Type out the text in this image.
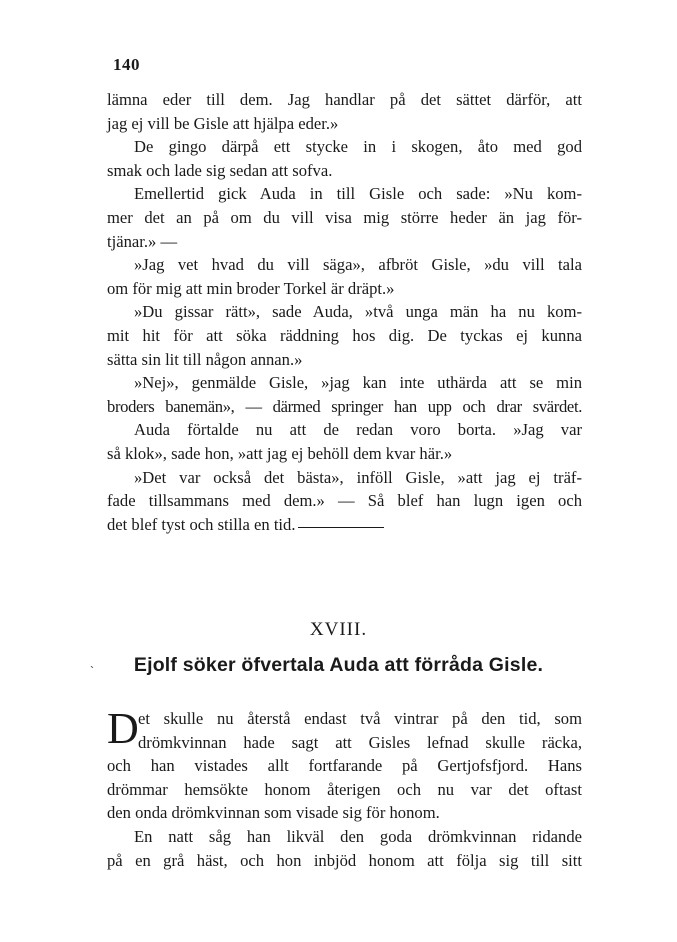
140

lämna eder till dem. Jag handlar på det sättet därför, att
jag ej vill be Gisle att hjälpa eder.»

De gingo därpå ett stycke in i skogen, åto med god
smak och lade sig sedan att sofva.

Emellertid gick Auda in till Gisle och sade: »Nu kom-
mer det an på om du vill visa mig större heder än jag för-
tjänar.» —

»Jag vet hvad du vill säga», afbröt Gisle, »du vill tala
om för mig att min broder Torkel är dräpt.»

»Du gissar rätt», sade Auda, »två unga män ha nu kom-
mit hit för att söka räddning hos dig. De tyckas ej kunna
sätta sin lit till någon annan.»

»Nej», genmälde Gisle, »jag kan inte uthärda att se min
broders banemän», — därmed springer han upp och drar svärdet.

Auda förtalde nu att de redan voro borta. »Jag var
så klok», sade hon, »att jag ej behöll dem kvar här.»

»Det var också det bästa», inföll Gisle, »att jag ej träf-
fade tillsammans med dem.» — Så blef han lugn igen och
det blef tyst och stilla en tid.

XVIII.
`	Ejolf söker öfvertala Auda att förråda Gisle.

D et skulle nu återstå endast två vintrar på den tid, som
drömkvinnan hade sagt att Gisles lefnad skulle räcka,
och han vistades allt fortfarande på Gertjofsfjord. Hans
drömmar hemsökte honom återigen och nu var det oftast
den onda drömkvinnan som visade sig för honom.

En natt såg han likväl den goda drömkvinnan ridande
på en grå häst, och hon inbjöd honom att följa sig till sitt
